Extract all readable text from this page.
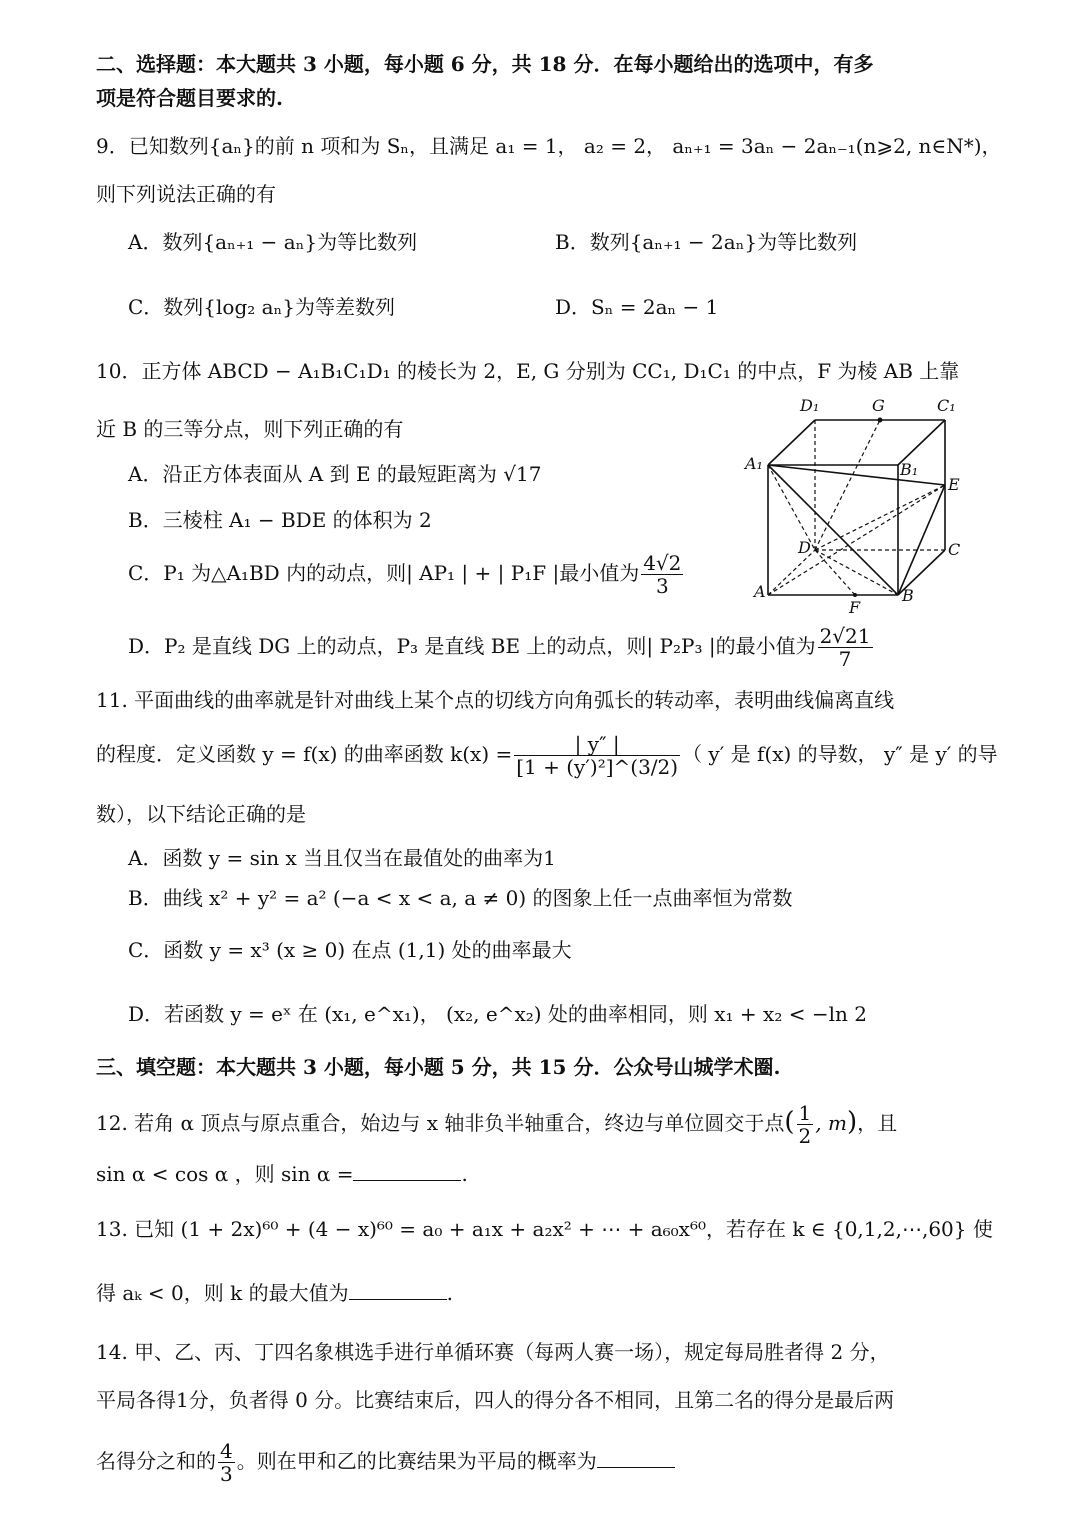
二、选择题：本大题共 3 小题，每小题 6 分，共 18 分．在每小题给出的选项中，有多
项是符合题目要求的.
9．已知数列{aₙ}的前 n 项和为 Sₙ，且满足 a₁ = 1， a₂ = 2， aₙ₊₁ = 3aₙ − 2aₙ₋₁(n⩾2, n∈N*)，
则下列说法正确的有
A．数列{aₙ₊₁ − aₙ}为等比数列	B．数列{aₙ₊₁ − 2aₙ}为等比数列
C．数列{log₂ aₙ}为等差数列	D．Sₙ = 2aₙ − 1
10．正方体 ABCD − A₁B₁C₁D₁ 的棱长为 2，E, G 分别为 CC₁, D₁C₁ 的中点，F 为棱 AB 上靠
近 B 的三等分点，则下列正确的有
A．沿正方体表面从 A 到 E 的最短距离为 √17
B．三棱柱 A₁ − BDE 的体积为 2
C．P₁ 为△A₁BD 内的动点，则| AP₁ | + | P₁F |最小值为 $\frac{4√2}{3}$
D．P₂ 是直线 DG 上的动点，P₃ 是直线 BE 上的动点，则| P₂P₃ |的最小值为 $\frac{2√21}{7}$
D₁	G	C₁
A₁	B₁
E
D	C
A
F
B
11. 平面曲线的曲率就是针对曲线上某个点的切线方向角弧长的转动率，表明曲线偏离直线
的程度．定义函数 y = f(x) 的曲率函数 $k(x) = \frac{| y'' |}{\text{[1 + (y′)²]\textasciicircum{}(3/2)}}$ （ y′ 是 f(x) 的导数， y″ 是 y′ 的导
数），以下结论正确的是
A．函数 y = sin x 当且仅当在最值处的曲率为1
B．曲线 x² + y² = a² (−a < x < a, a ≠ 0) 的图象上任一点曲率恒为常数
C．函数 y = x³ (x ≥ 0) 在点 (1,1) 处的曲率最大
D．若函数 y = eˣ 在 (x₁, e^x₁)， (x₂, e^x₂) 处的曲率相同，则 x₁ + x₂ < −ln 2
三、填空题：本大题共 3 小题，每小题 5 分，共 15 分．公众号山城学术圈.
12. 若角 α 顶点与原点重合，始边与 x 轴非负半轴重合，终边与单位圆交于点( $\frac{1}{2}$ , m)，且
sin α < cos α ，则 sin α =	.
13. 已知 (1 + 2x)⁶⁰ + (4 − x)⁶⁰ = a₀ + a₁x + a₂x² + ⋯ + a₆₀x⁶⁰，若存在 k ∈ {0,1,2,⋯,60} 使
得 aₖ < 0，则 k 的最大值为	.
14. 甲、乙、丙、丁四名象棋选手进行单循环赛（每两人赛一场），规定每局胜者得 2 分，
平局各得1分，负者得 0 分。比赛结束后，四人的得分各不相同，且第二名的得分是最后两
名得分之和的 $\frac{4}{3}$ 。则在甲和乙的比赛结果为平局的概率为
